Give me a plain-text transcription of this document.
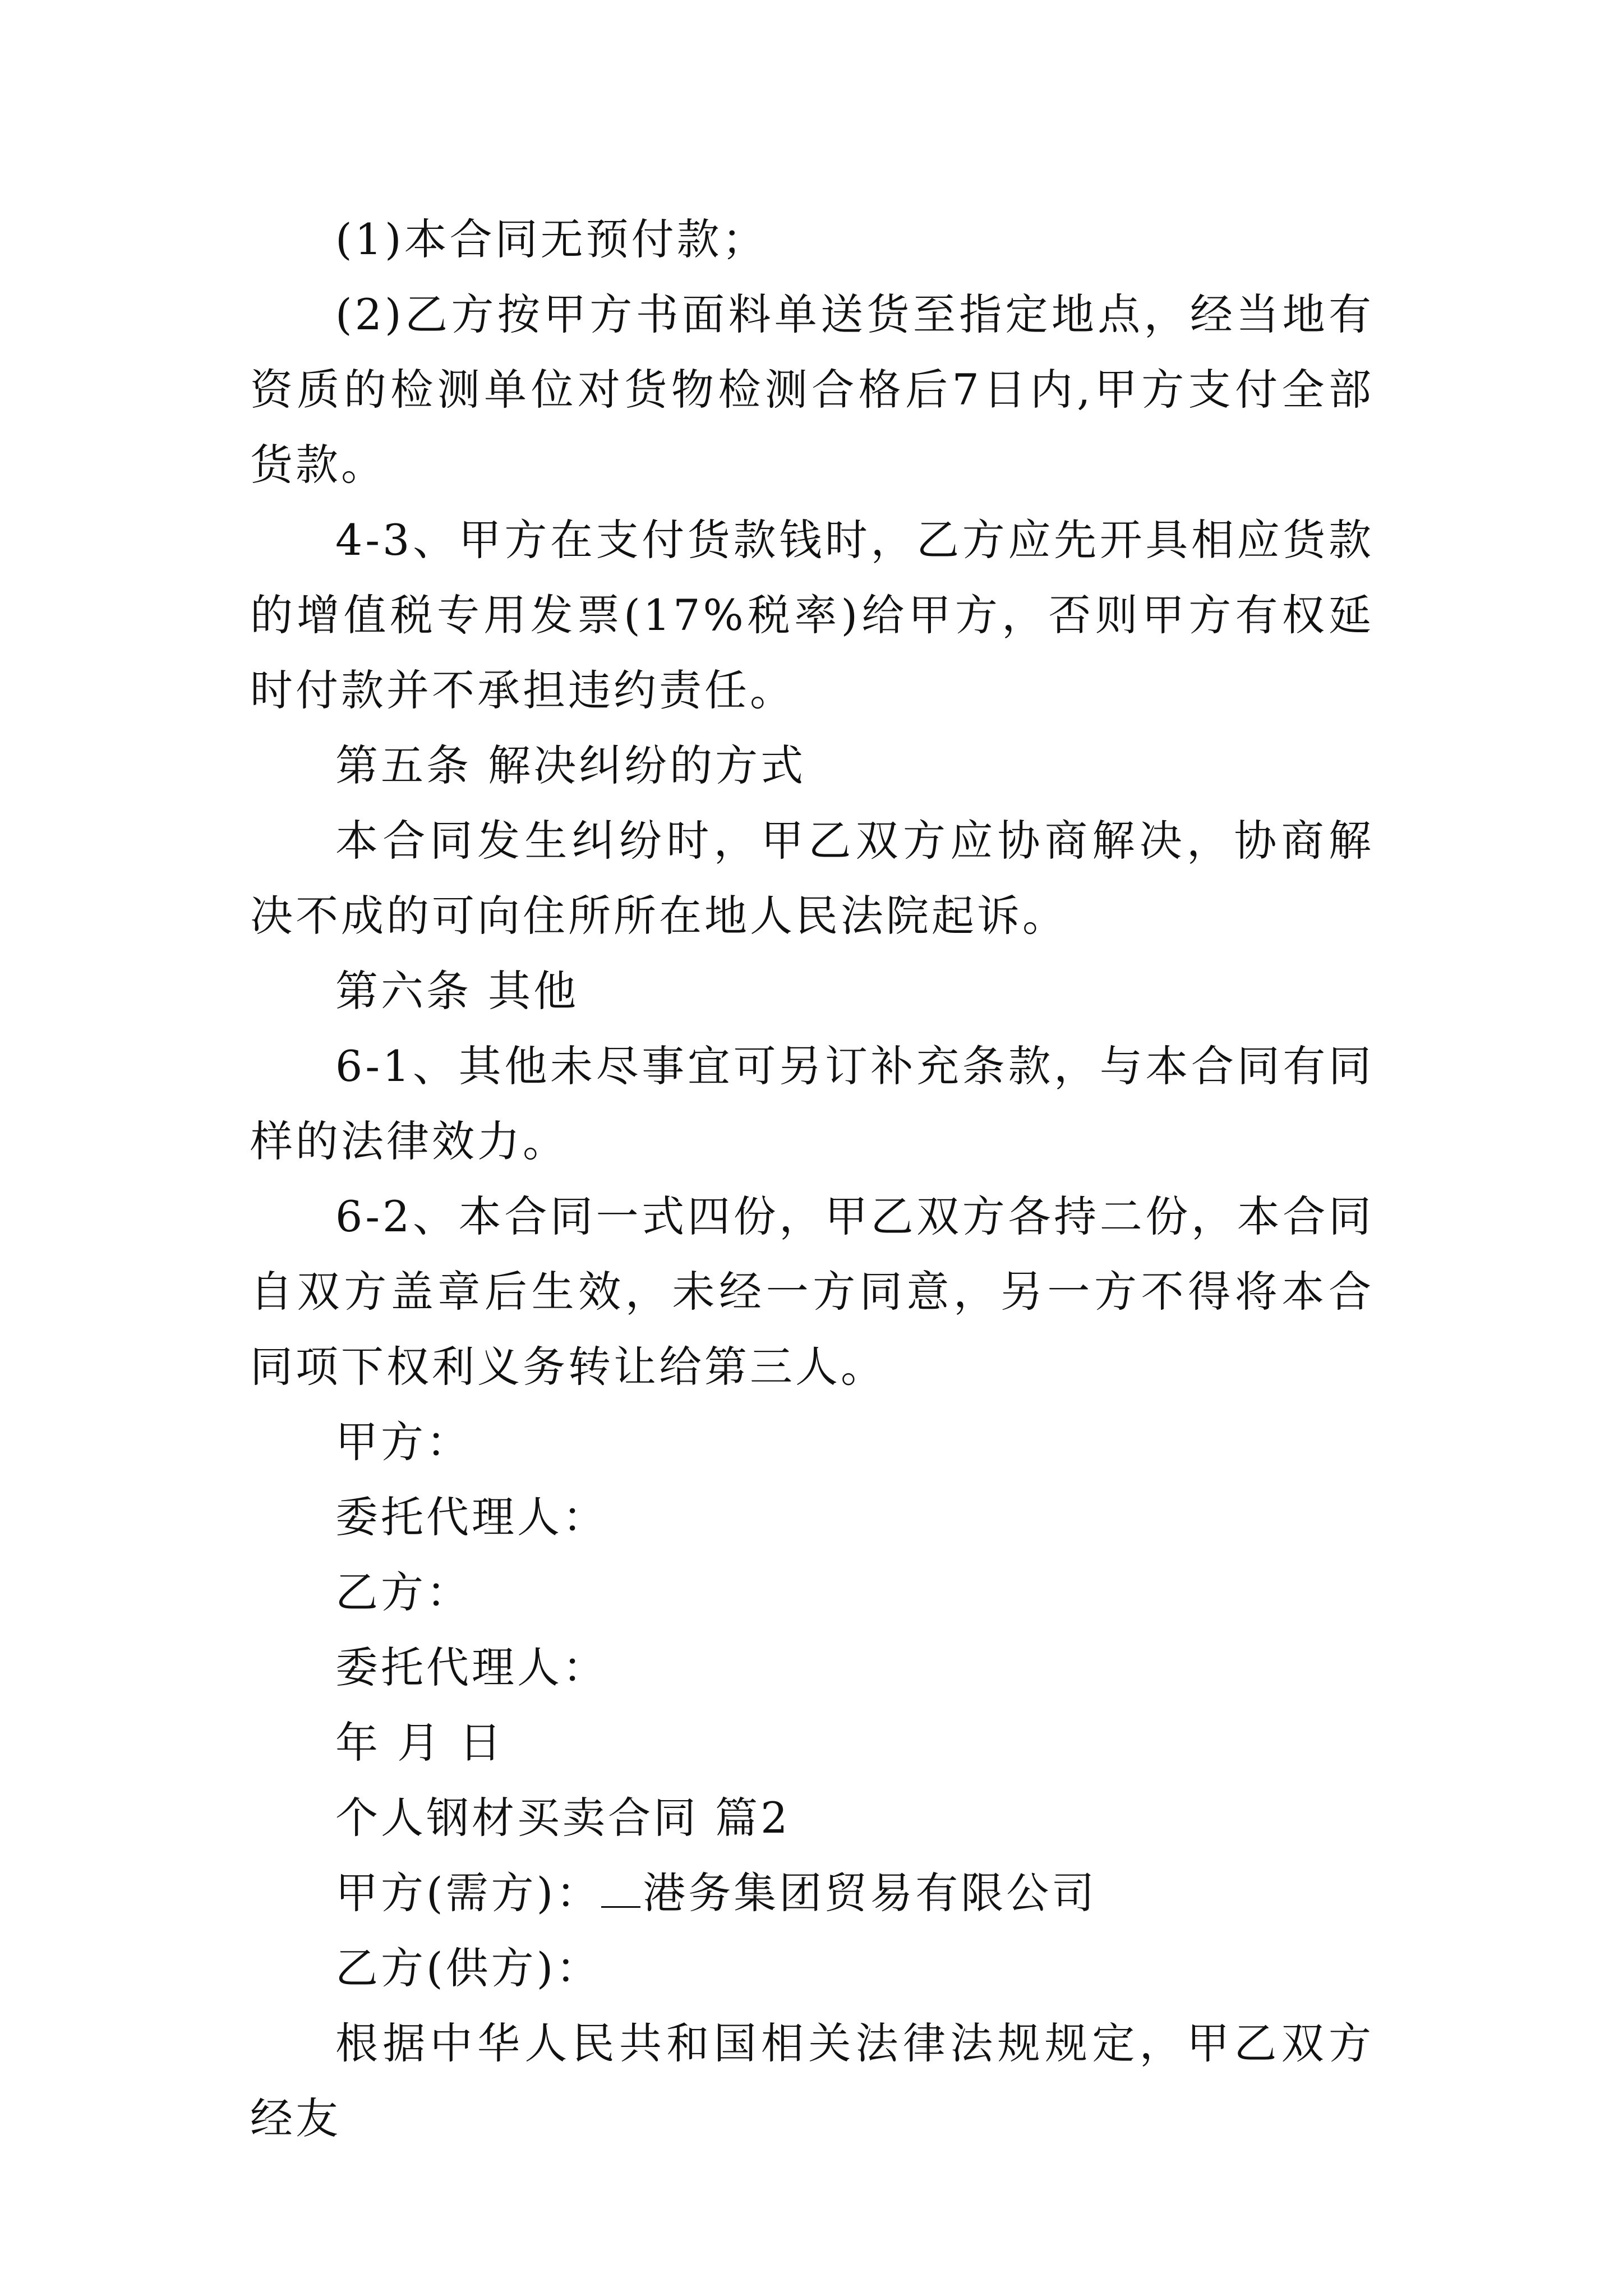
(1)本合同无预付款；

(2)乙方按甲方书面料单送货至指定地点，经当地有资质的检测单位对货物检测合格后7日内,甲方支付全部货款。

4-3、甲方在支付货款钱时，乙方应先开具相应货款的增值税专用发票(17%税率)给甲方，否则甲方有权延时付款并不承担违约责任。

第五条 解决纠纷的方式

本合同发生纠纷时，甲乙双方应协商解决，协商解决不成的可向住所所在地人民法院起诉。

第六条 其他

6-1、其他未尽事宜可另订补充条款，与本合同有同样的法律效力。

6-2、本合同一式四份，甲乙双方各持二份，本合同自双方盖章后生效，未经一方同意，另一方不得将本合同项下权利义务转让给第三人。

甲方：

委托代理人：

乙方：

委托代理人：

年 月 日

个人钢材买卖合同 篇2

甲方(需方)： 港务集团贸易有限公司

乙方(供方)：

根据中华人民共和国相关法律法规规定，甲乙双方经友
